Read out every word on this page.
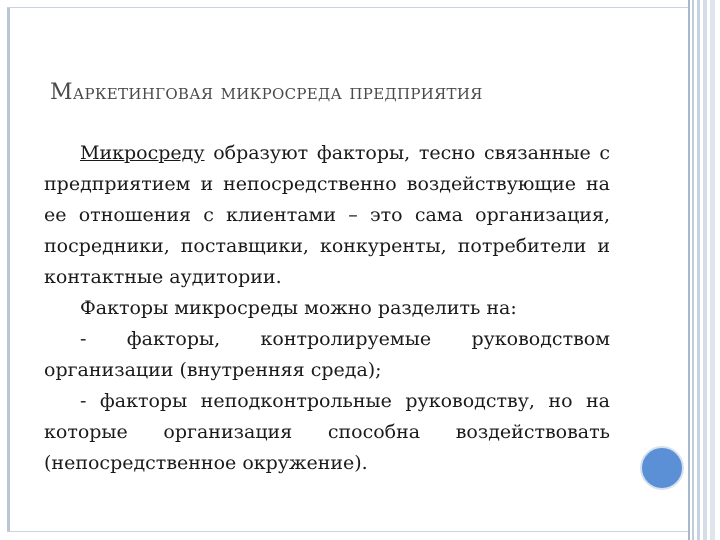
Маркетинговая микросреда предприятия

Микросреду образуют факторы, тесно связанные с предприятием и непосредственно воздействующие на ее отношения с клиентами – это сама организация, посредники, поставщики, конкуренты, потребители и контактные аудитории.

Факторы микросреды можно разделить на:

- факторы, контролируемые руководством организации (внутренняя среда);

- факторы неподконтрольные руководству, но на которые организация способна воздействовать (непосредственное окружение).
